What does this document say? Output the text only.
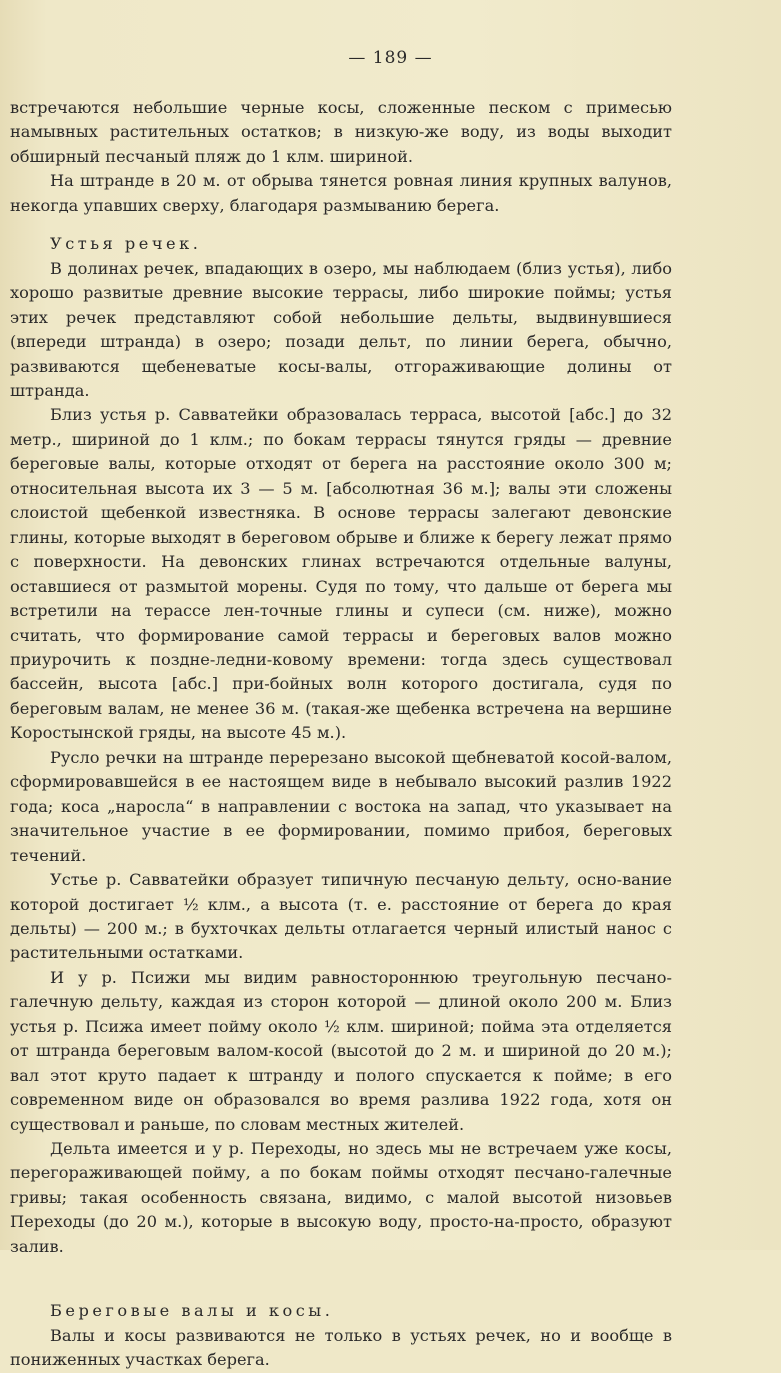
— 189 —

встречаются небольшие черные косы, сложенные песком с примесью намывных растительных остатков; в низкую-же воду, из воды выходит обширный песчаный пляж до 1 клм. шириной.

На штранде в 20 м. от обрыва тянется ровная линия крупных валунов, некогда упавших сверху, благодаря размыванию берега.

Устья речек.

В долинах речек, впадающих в озеро, мы наблюдаем (близ устья), либо хорошо развитые древние высокие террасы, либо широкие поймы; устья этих речек представляют собой небольшие дельты, выдвинувшиеся (впереди штранда) в озеро; позади дельт, по линии берега, обычно, развиваются щебеневатые косы-валы, отгораживающие долины от штранда.

Близ устья р. Савватейки образовалась терраса, высотой [абс.] до 32 метр., шириной до 1 клм.; по бокам террасы тянутся гряды — древние береговые валы, которые отходят от берега на расстояние около 300 м; относительная высота их 3 — 5 м. [абсолютная 36 м.]; валы эти сложены слоистой щебенкой известняка. В основе террасы залегают девонские глины, которые выходят в береговом обрыве и ближе к берегу лежат прямо с поверхности. На девонских глинах встречаются отдельные валуны, оставшиеся от размытой морены. Судя по тому, что дальше от берега мы встретили на терассе лен-точные глины и супеси (см. ниже), можно считать, что формирование самой террасы и береговых валов можно приурочить к поздне-ледни-ковому времени: тогда здесь существовал бассейн, высота [абс.] при-бойных волн которого достигала, судя по береговым валам, не менее 36 м. (такая-же щебенка встречена на вершине Коростынской гряды, на высоте 45 м.).

Русло речки на штранде перерезано высокой щебневатой косой-валом, сформировавшейся в ее настоящем виде в небывало высокий разлив 1922 года; коса „наросла“ в направлении с востока на запад, что указывает на значительное участие в ее формировании, помимо прибоя, береговых течений.

Устье р. Савватейки образует типичную песчаную дельту, осно-вание которой достигает ½ клм., а высота (т. е. расстояние от берега до края дельты) — 200 м.; в бухточках дельты отлагается черный илистый нанос с растительными остатками.

И у р. Псижи мы видим равностороннюю треугольную песчано-галечную дельту, каждая из сторон которой — длиной около 200 м. Близ устья р. Псижа имеет пойму около ½ клм. шириной; пойма эта отделяется от штранда береговым валом-косой (высотой до 2 м. и шириной до 20 м.); вал этот круто падает к штранду и полого спускается к пойме; в его современном виде он образовался во время разлива 1922 года, хотя он существовал и раньше, по словам местных жителей.

Дельта имеется и у р. Переходы, но здесь мы не встречаем уже косы, перегораживающей пойму, а по бокам поймы отходят песчано-галечные гривы; такая особенность связана, видимо, с малой высотой низовьев Переходы (до 20 м.), которые в высокую воду, просто-на-просто, образуют залив.

Береговые валы и косы.

Валы и косы развиваются не только в устьях речек, но и вообще в пониженных участках берега.
